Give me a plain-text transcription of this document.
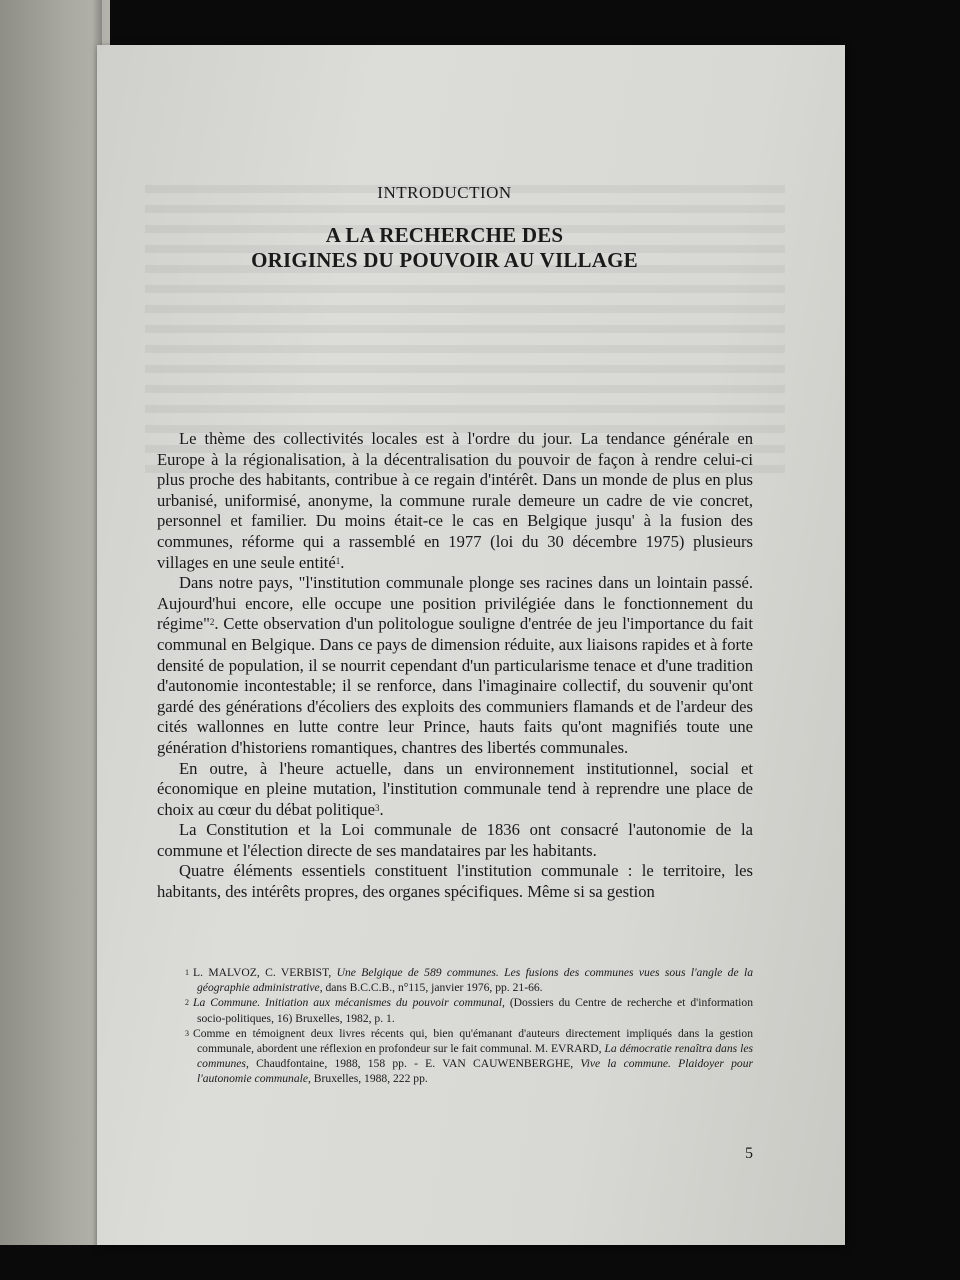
INTRODUCTION
A LA RECHERCHE DES
ORIGINES DU POUVOIR AU VILLAGE

Le thème des collectivités locales est à l'ordre du jour. La tendance générale en Europe à la régionalisation, à la décentralisation du pouvoir de façon à rendre celui-ci plus proche des habitants, contribue à ce regain d'intérêt. Dans un monde de plus en plus urbanisé, uniformisé, anonyme, la commune rurale demeure un cadre de vie concret, personnel et familier. Du moins était-ce le cas en Belgique jusqu' à la fusion des communes, réforme qui a rassemblé en 1977 (loi du 30 décembre 1975) plusieurs villages en une seule entité$^1$.

Dans notre pays, "l'institution communale plonge ses racines dans un lointain passé. Aujourd'hui encore, elle occupe une position privilégiée dans le fonctionnement du régime"$^2$. Cette observation d'un politologue souligne d'entrée de jeu l'importance du fait communal en Belgique. Dans ce pays de dimension réduite, aux liaisons rapides et à forte densité de population, il se nourrit cependant d'un particularisme tenace et d'une tradition d'autonomie incontestable; il se renforce, dans l'imaginaire collectif, du souvenir qu'ont gardé des générations d'écoliers des exploits des communiers flamands et de l'ardeur des cités wallonnes en lutte contre leur Prince, hauts faits qu'ont magnifiés toute une génération d'historiens romantiques, chantres des libertés communales.

En outre, à l'heure actuelle, dans un environnement institutionnel, social et économique en pleine mutation, l'institution communale tend à reprendre une place de choix au cœur du débat politique$^3$.

La Constitution et la Loi communale de 1836 ont consacré l'autonomie de la commune et l'élection directe de ses mandataires par les habitants.

Quatre éléments essentiels constituent l'institution communale : le territoire, les habitants, des intérêts propres, des organes spécifiques. Même si sa gestion

$^1$ L. MALVOZ, C. VERBIST, Une Belgique de 589 communes. Les fusions des communes vues sous l'angle de la géographie administrative, dans B.C.C.B., n°115, janvier 1976, pp. 21-66.

$^2$ La Commune. Initiation aux mécanismes du pouvoir communal, (Dossiers du Centre de recherche et d'information socio-politiques, 16) Bruxelles, 1982, p. 1.

$^3$ Comme en témoignent deux livres récents qui, bien qu'émanant d'auteurs directement impliqués dans la gestion communale, abordent une réflexion en profondeur sur le fait communal. M. EVRARD, La démocratie renaîtra dans les communes, Chaudfontaine, 1988, 158 pp. - E. VAN CAUWENBERGHE, Vive la commune. Plaidoyer pour l'autonomie communale, Bruxelles, 1988, 222 pp.

5
